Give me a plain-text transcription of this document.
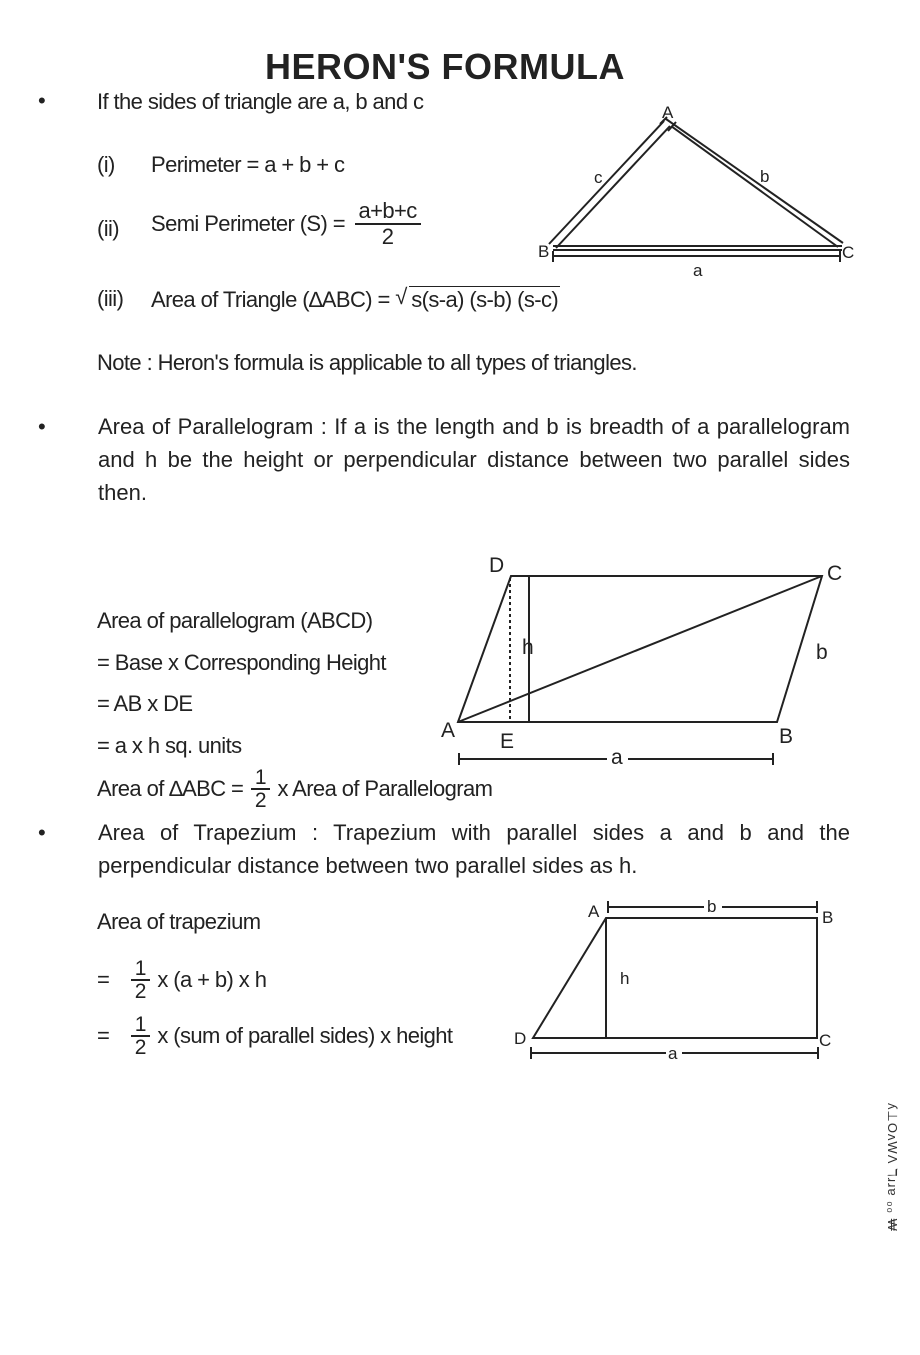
HERON'S FORMULA
• If the sides of triangle are a, b and c
(i) Perimeter = a + b + c
(ii) Semi Perimeter $(S) = \frac{a+b+c}{2}$
(iii) Area of Triangle (∆ABC) = √ s(s-a) (s-b) (s-c)
Note : Heron's formula is applicable to all types of triangles.
A
B	C
c	b
a
• Area of Parallelogram : If a is the length and b is breadth of a parallelogram and h be the height or perpendicular distance between two parallel sides then.
Area of parallelogram (ABCD)
= Base x Corresponding Height
= AB x DE
= a x h sq. units
Area of $\Delta ABC = \frac{1}{2}$ x Area of Parallelogram
D	C
A	B
E
h	b
a
• Area of Trapezium : Trapezium with parallel sides a and b and the perpendicular distance between two parallel sides as h.
Area of trapezium
= $\frac{1}{2}$ x (a + b) x h
= $\frac{1}{2}$ x (sum of parallel sides) x height
A	B
C
D
b
a
h
ʎ⊥OʌWΛ ℸɹɹɐ ₀₀ ₩
